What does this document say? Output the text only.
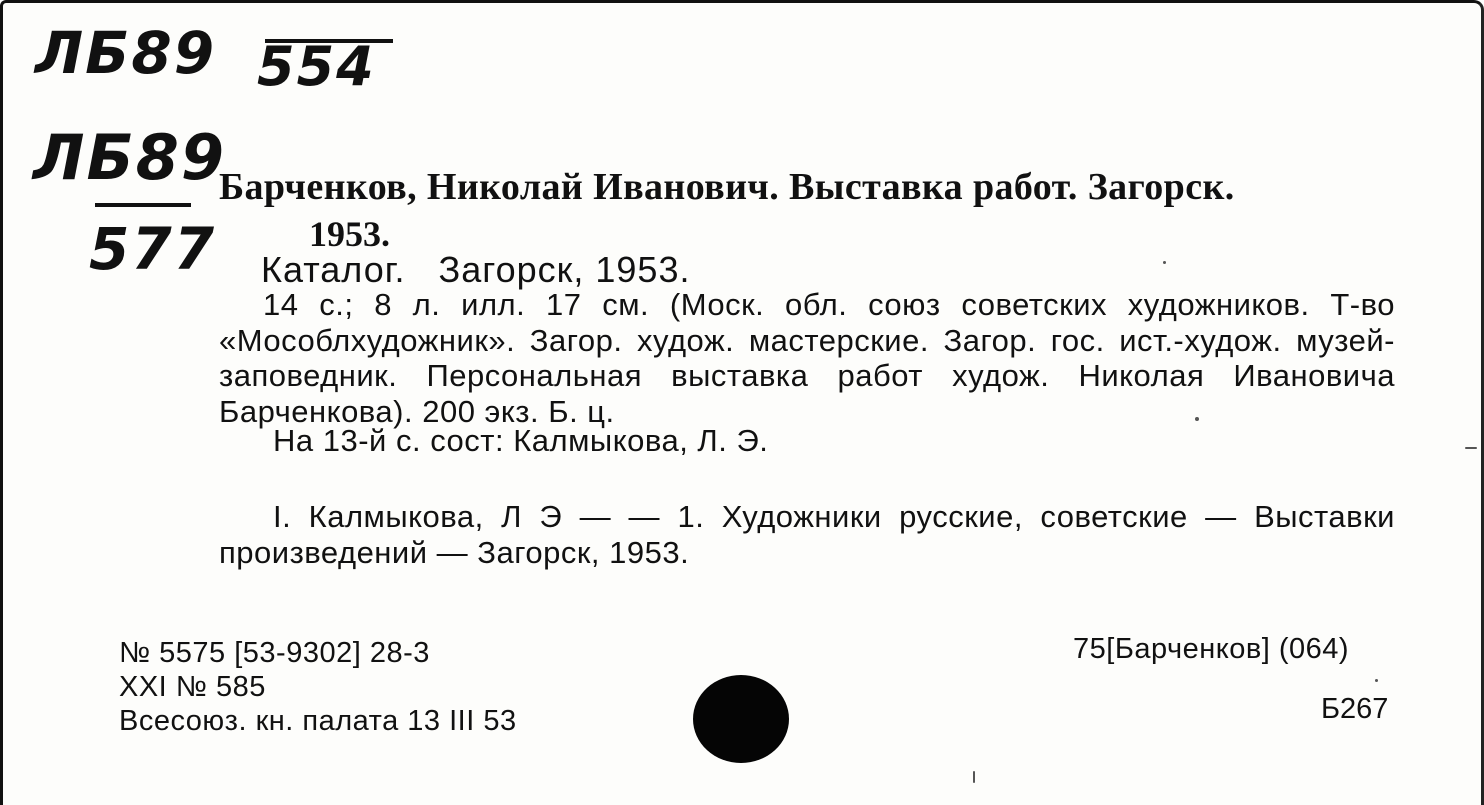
ЛБ89 554
ЛБ89
577
Барченков, Николай Иванович. Выставка работ. Загорск.
1953.
Каталог.   Загорск, 1953.
14 с.; 8 л. илл. 17 см. (Моск. обл. союз советских художников. Т-во «Мособлхудожник». Загор. худож. мастерские. Загор. гос. ист.-худож. музей-заповедник. Персональная выставка работ худож. Николая Ивановича Барченкова). 200 экз. Б. ц.
На 13-й с. сост: Калмыкова, Л. Э.
I. Калмыкова, Л Э — — 1. Художники русские, советские — Выставки произведений — Загорск, 1953.
№ 5575 [53-9302] 28-3
XXI № 585
Всесоюз. кн. палата 13 III 53
75[Барченков] (064)
Б267
